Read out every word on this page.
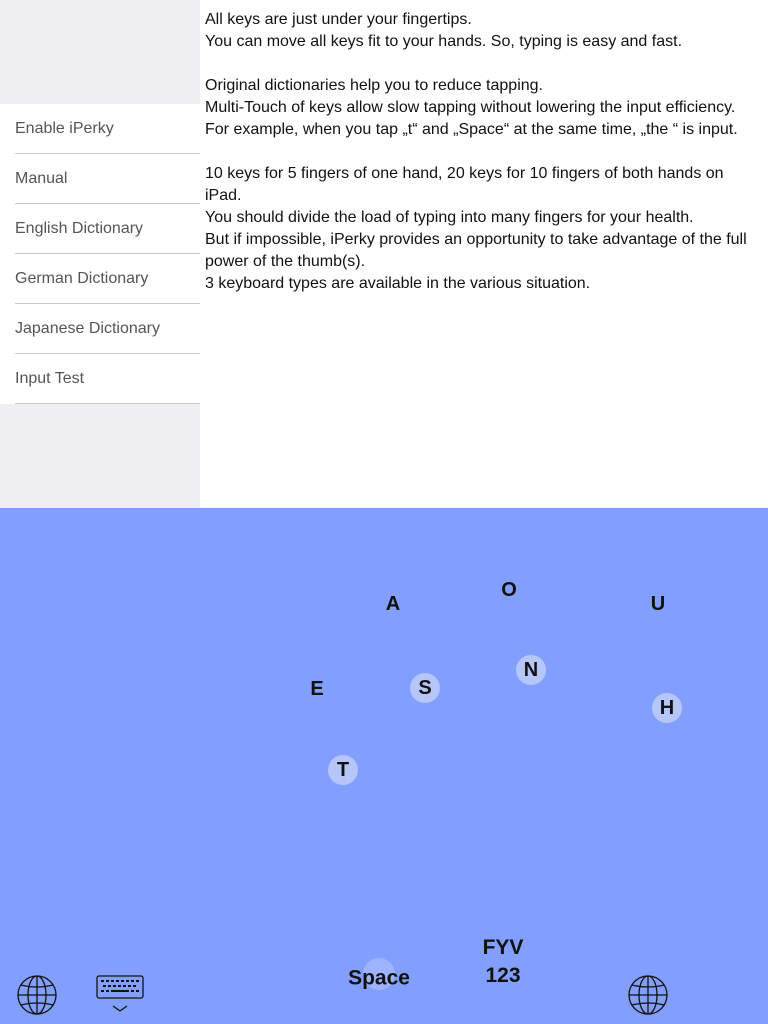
Enable iPerky
Manual
English Dictionary
German Dictionary
Japanese Dictionary
Input Test

All keys are just under your fingertips.

You can move all keys fit to your hands. So, typing is easy and fast.

Original dictionaries help you to reduce tapping.

Multi-Touch of keys allow slow tapping without lowering the input efficiency.

For example, when you tap „t“ and „Space“ at the same time, „the “ is input.

10 keys for 5 fingers of one hand, 20 keys for 10 fingers of both hands on iPad.

You should divide the load of typing into many fingers for your health.

But if impossible, iPerky provides an opportunity to take advantage of the full power of the thumb(s).

3 keyboard types are available in the various situation.

A
O
U
N
E	S
H
T
Space
FYV
123
